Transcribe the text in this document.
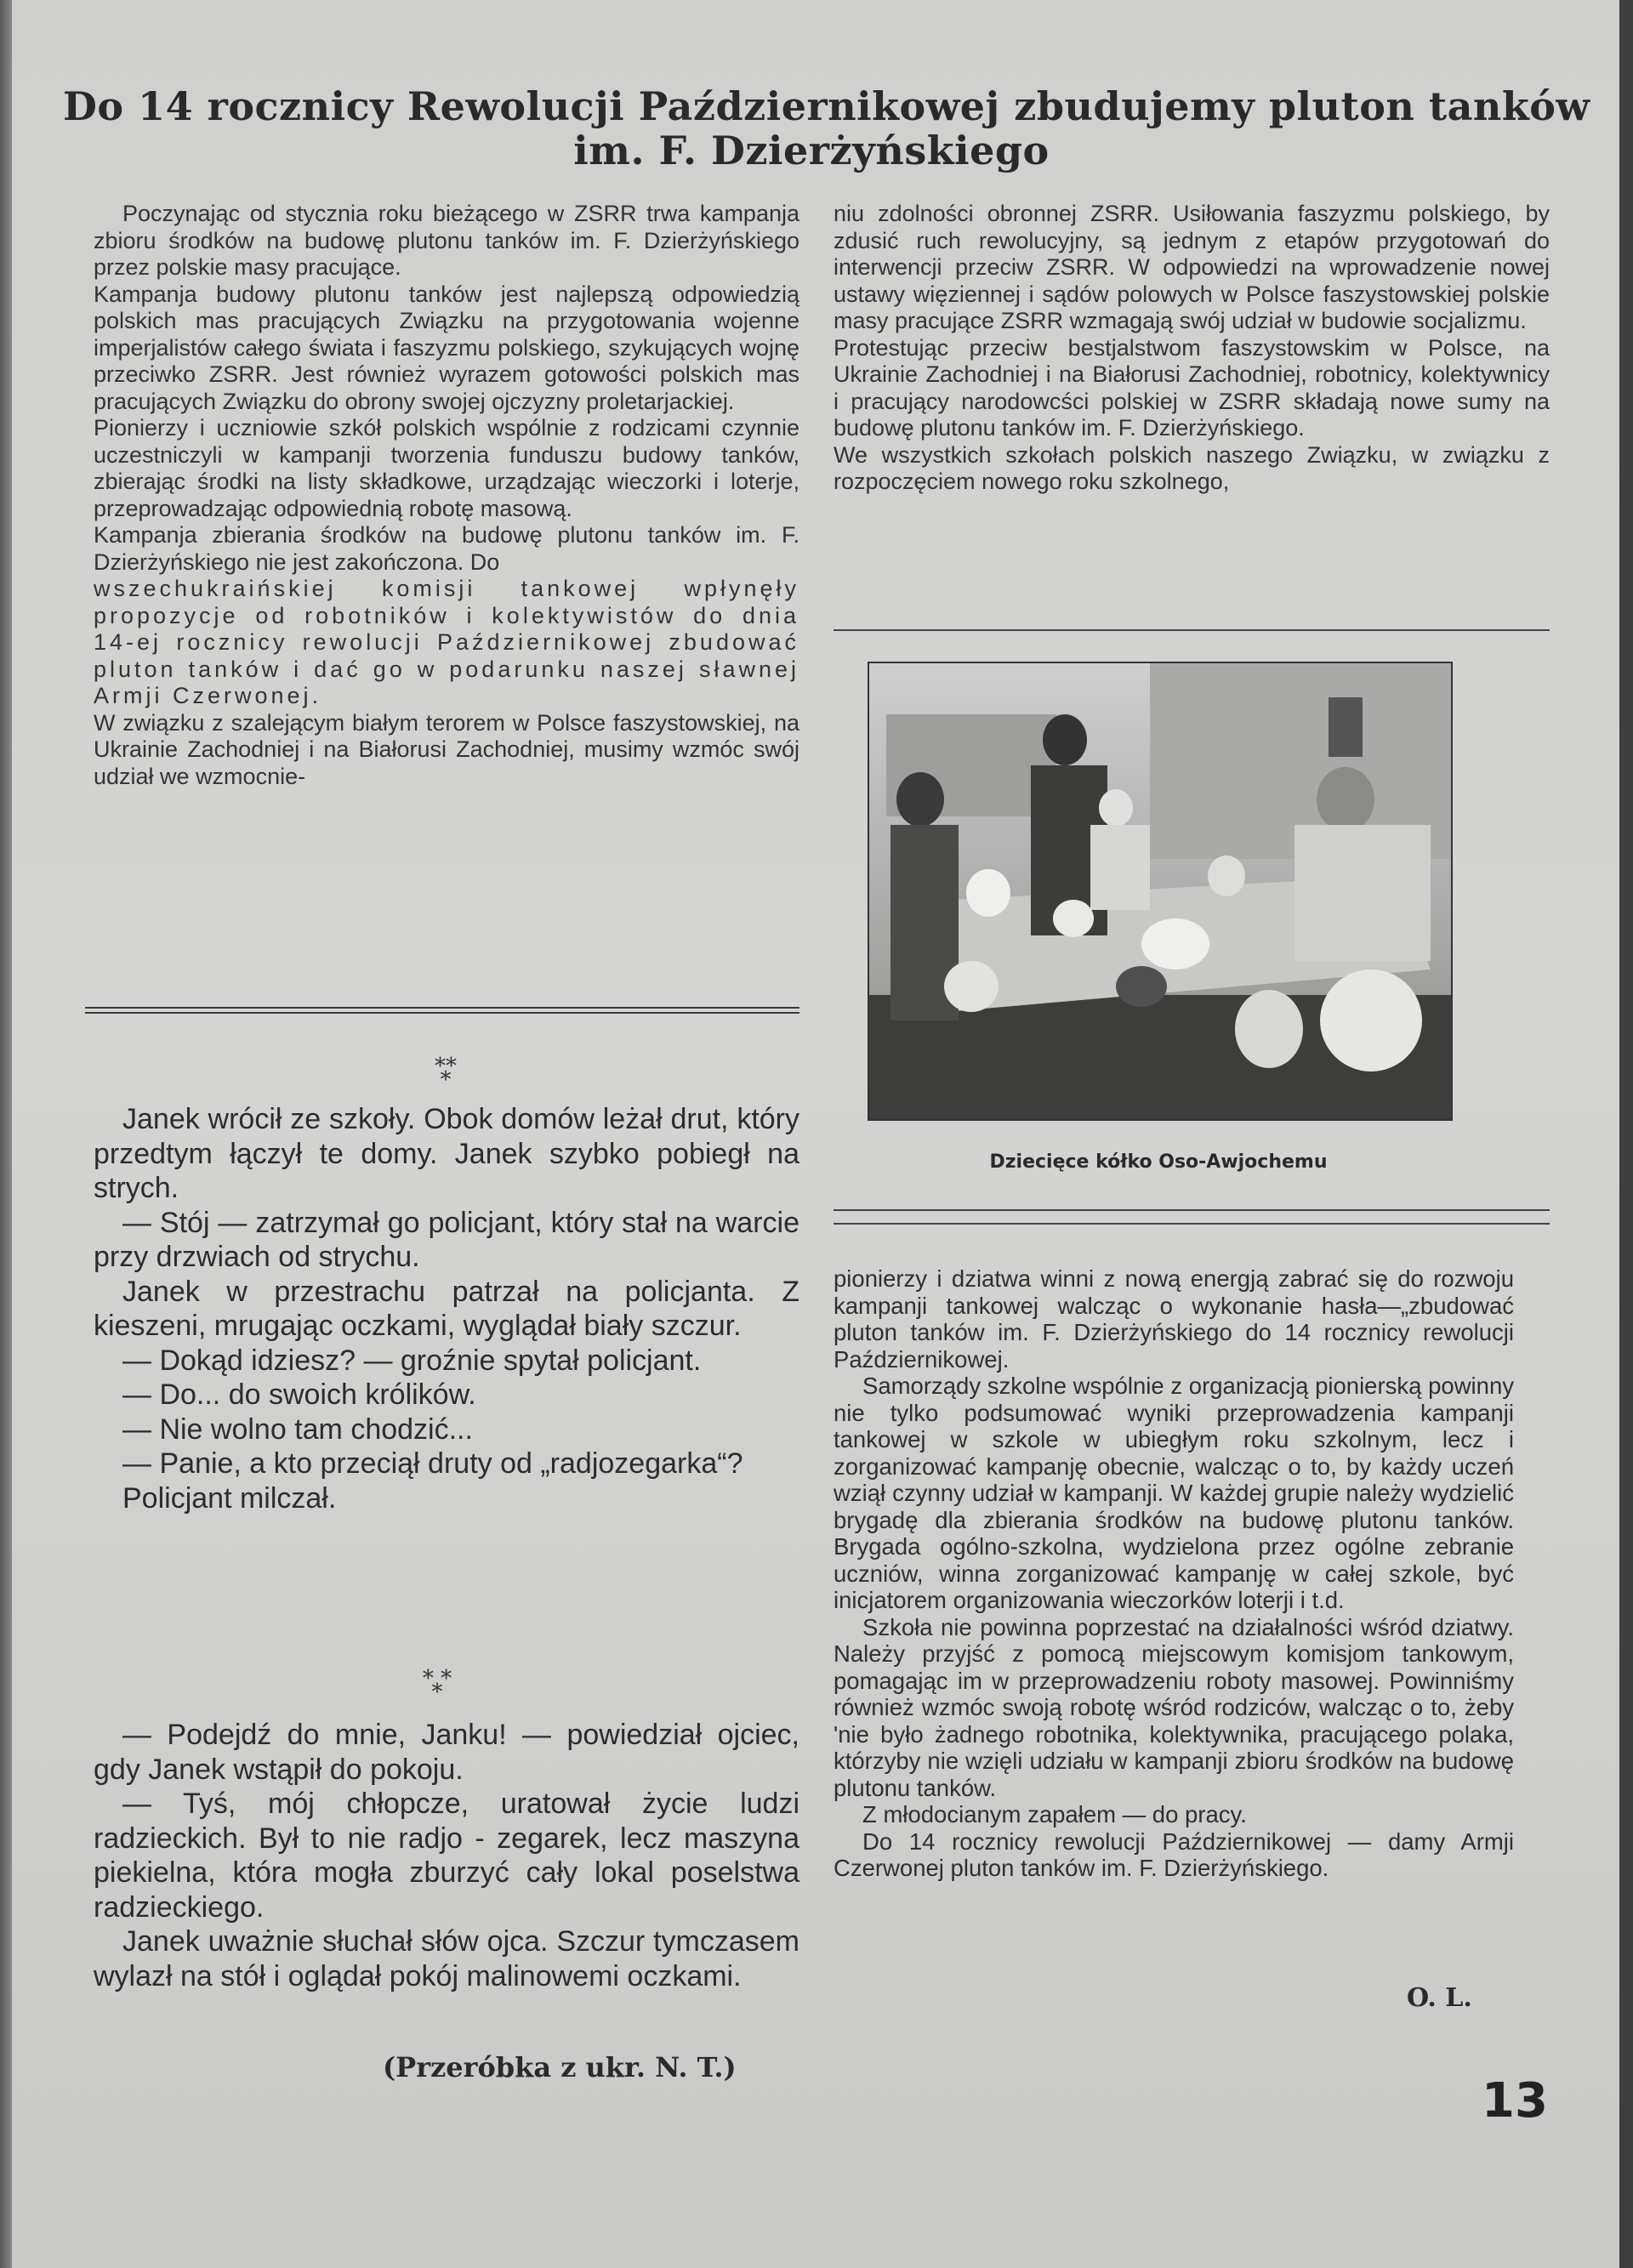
Do 14 rocznicy Rewolucji Październikowej zbudujemy pluton tanków
im. F. Dzierżyńskiego

Poczynając od stycznia roku bieżącego w ZSRR trwa kampanja zbioru środków na budowę plutonu tanków im. F. Dzierżyńskiego przez polskie masy pracujące.

Kampanja budowy plutonu tanków jest najlepszą odpowiedzią polskich mas pracujących Związku na przygotowania wojenne imperjalistów całego świata i faszyzmu polskiego, szykujących wojnę przeciwko ZSRR. Jest również wyrazem gotowości polskich mas pracujących Związku do obrony swojej ojczyzny proletarjackiej.

Pionierzy i uczniowie szkół polskich wspólnie z rodzicami czynnie uczestniczyli w kampanji tworzenia funduszu budowy tanków, zbierając środki na listy składkowe, urządzając wieczorki i loterje, przeprowadzając odpowiednią robotę masową.

Kampanja zbierania środków na budowę plutonu tanków im. F. Dzierżyńskiego nie jest zakończona. Do

wszechukraińskiej komisji tankowej wpłynęły propozycje od robotników i kolektywistów do dnia 14-ej rocznicy rewolucji Październikowej zbudować pluton tanków i dać go w podarunku naszej sławnej Armji Czerwonej.

W związku z szalejącym białym terorem w Polsce faszystowskiej, na Ukrainie Zachodniej i na Białorusi Zachodniej, musimy wzmóc swój udział we wzmocnie-

niu zdolności obronnej ZSRR. Usiłowania faszyzmu polskiego, by zdusić ruch rewolucyjny, są jednym z etapów przygotowań do interwencji przeciw ZSRR. W odpowiedzi na wprowadzenie nowej ustawy więziennej i sądów polowych w Polsce faszystowskiej polskie masy pracujące ZSRR wzmagają swój udział w budowie socjalizmu.

Protestując przeciw bestjalstwom faszystowskim w Polsce, na Ukrainie Zachodniej i na Białorusi Zachodniej, robotnicy, kolektywnicy i pracujący narodowcści polskiej w ZSRR składają nowe sumy na budowę plutonu tanków im. F. Dzierżyńskiego.

We wszystkich szkołach polskich naszego Związku, w związku z rozpoczęciem nowego roku szkolnego,

Dziecięce kółko Oso-Awjochemu

pionierzy i dziatwa winni z nową energją zabrać się do rozwoju kampanji tankowej walcząc o wykonanie hasła—„zbudować pluton tanków im. F. Dzierżyńskiego do 14 rocznicy rewolucji Październikowej.

Samorządy szkolne wspólnie z organizacją pionierską powinny nie tylko podsumować wyniki przeprowadzenia kampanji tankowej w szkole w ubiegłym roku szkolnym, lecz i zorganizować kampanję obecnie, walcząc o to, by każdy uczeń wziął czynny udział w kampanji. W każdej grupie należy wydzielić brygadę dla zbierania środków na budowę plutonu tanków. Brygada ogólno-szkolna, wydzielona przez ogólne zebranie uczniów, winna zorganizować kampanję w całej szkole, być inicjatorem organizowania wieczorków loterji i t.d.

Szkoła nie powinna poprzestać na działalności wśród dziatwy. Należy przyjść z pomocą miejscowym komisjom tankowym, pomagając im w przeprowadzeniu roboty masowej. Powinniśmy również wzmóc swoją robotę wśród rodziców, walcząc o to, żeby 'nie było żadnego robotnika, kolektywnika, pracującego polaka, którzyby nie wzięli udziału w kampanji zbioru środków na budowę plutonu tanków.

Z młodocianym zapałem — do pracy.

Do 14 rocznicy rewolucji Październikowej — damy Armji Czerwonej pluton tanków im. F. Dzierżyńskiego.

O. L.
**
*

Janek wrócił ze szkoły. Obok domów leżał drut, który przedtym łączył te domy. Janek szybko pobiegł na strych.

— Stój — zatrzymał go policjant, który stał na warcie przy drzwiach od strychu.

Janek w przestrachu patrzał na policjanta. Z kieszeni, mrugając oczkami, wyglądał biały szczur.

— Dokąd idziesz? — groźnie spytał policjant.

— Do... do swoich królików.

— Nie wolno tam chodzić...

— Panie, a kto przeciął druty od „radjozegarka“?

Policjant milczał.

* *
*

— Podejdź do mnie, Janku! — powiedział ojciec, gdy Janek wstąpił do pokoju.

— Tyś, mój chłopcze, uratował życie ludzi radzieckich. Był to nie radjo - zegarek, lecz maszyna piekielna, która mogła zburzyć cały lokal poselstwa radzieckiego.

Janek uważnie słuchał słów ojca. Szczur tymczasem wylazł na stół i oglądał pokój malinowemi oczkami.

(Przeróbka z ukr. N. T.)
13
